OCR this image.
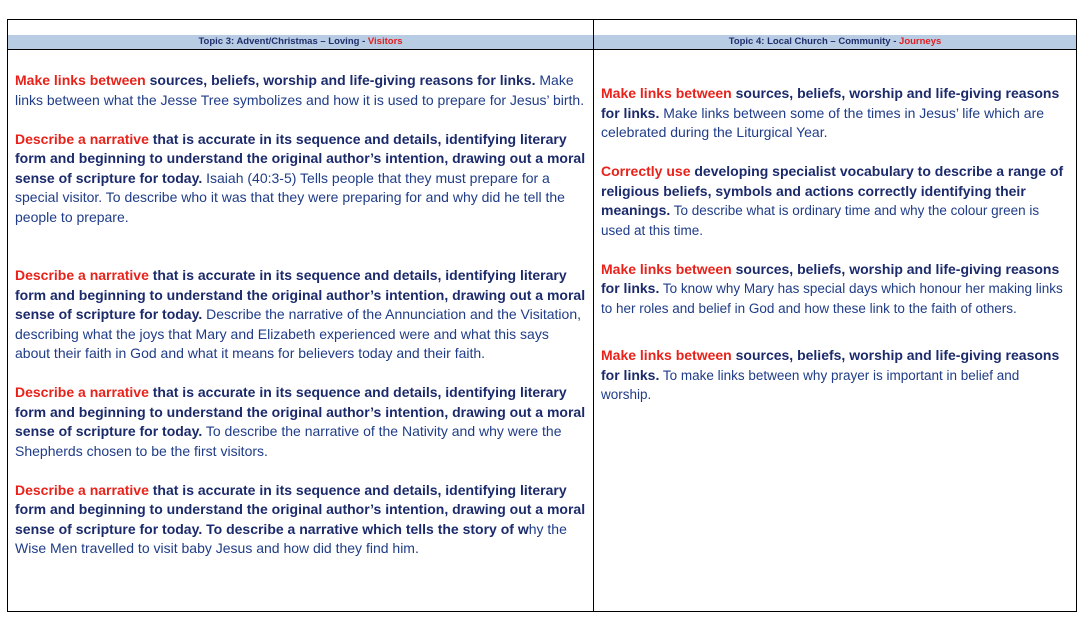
Topic 3: Advent/Christmas – Loving - Visitors	Topic 4: Local Church – Community - Journeys

Make links between sources, beliefs, worship and life-giving reasons for links. Make links between what the Jesse Tree symbolizes and how it is used to prepare for Jesus’ birth.

Describe a narrative that is accurate in its sequence and details, identifying literary form and beginning to understand the original author’s intention, drawing out a moral sense of scripture for today. Isaiah (40:3-5) Tells people that they must prepare for a special visitor. To describe who it was that they were preparing for and why did he tell the people to prepare.

Describe a narrative that is accurate in its sequence and details, identifying literary form and beginning to understand the original author’s intention, drawing out a moral sense of scripture for today. Describe the narrative of the Annunciation and the Visitation, describing what the joys that Mary and Elizabeth experienced were and what this says about their faith in God and what it means for believers today and their faith.

Describe a narrative that is accurate in its sequence and details, identifying literary form and beginning to understand the original author’s intention, drawing out a moral sense of scripture for today. To describe the narrative of the Nativity and why were the Shepherds chosen to be the first visitors.

Describe a narrative that is accurate in its sequence and details, identifying literary form and beginning to understand the original author’s intention, drawing out a moral sense of scripture for today. To describe a narrative which tells the story of why the Wise Men travelled to visit baby Jesus and how did they find him.

Make links between sources, beliefs, worship and life-giving reasons for links. Make links between some of the times in Jesus’ life which are celebrated during the Liturgical Year.

Correctly use developing specialist vocabulary to describe a range of religious beliefs, symbols and actions correctly identifying their meanings. To describe what is ordinary time and why the colour green is used at this time.

Make links between sources, beliefs, worship and life-giving reasons for links. To know why Mary has special days which honour her making links to her roles and belief in God and how these link to the faith of others.

Make links between sources, beliefs, worship and life-giving reasons for links. To make links between why prayer is important in belief and worship.
